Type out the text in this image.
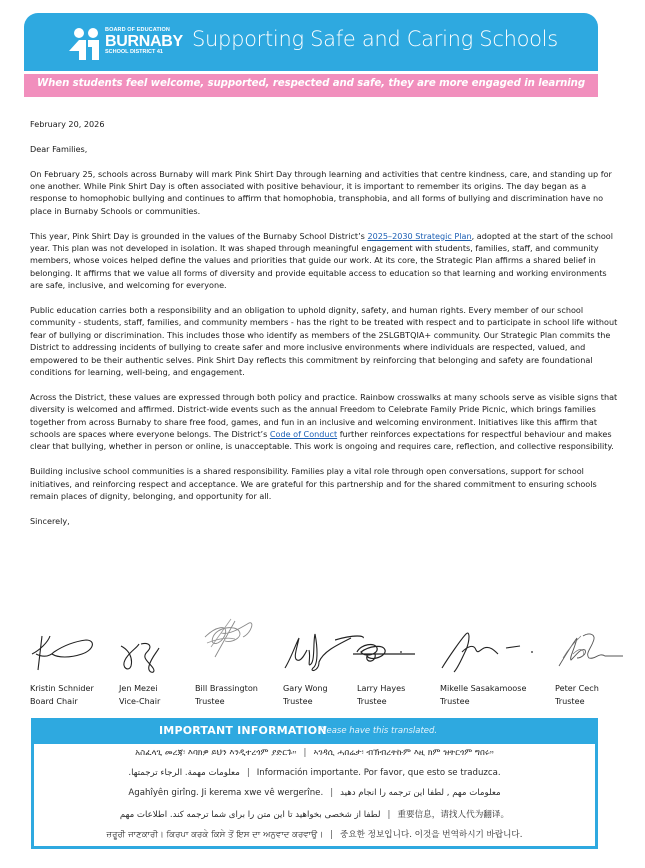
BOARD OF EDUCATION
BURNABY
SCHOOL DISTRICT 41
Supporting Safe and Caring Schools
When students feel welcome, supported, respected and safe, they are more engaged in learning

February 20, 2026

Dear Families,

On February 25, schools across Burnaby will mark Pink Shirt Day through learning and activities that centre kindness, care, and standing up for one another. While Pink Shirt Day is often associated with positive behaviour, it is important to remember its origins. The day began as a response to homophobic bullying and continues to affirm that homophobia, transphobia, and all forms of bullying and discrimination have no place in Burnaby Schools or communities.

This year, Pink Shirt Day is grounded in the values of the Burnaby School District’s 2025–2030 Strategic Plan, adopted at the start of the school year. This plan was not developed in isolation. It was shaped through meaningful engagement with students, families, staff, and community members, whose voices helped define the values and priorities that guide our work. At its core, the Strategic Plan affirms a shared belief in belonging. It affirms that we value all forms of diversity and provide equitable access to education so that learning and working environments are safe, inclusive, and welcoming for everyone.

Public education carries both a responsibility and an obligation to uphold dignity, safety, and human rights. Every member of our school community - students, staff, families, and community members - has the right to be treated with respect and to participate in school life without fear of bullying or discrimination. This includes those who identify as members of the 2SLGBTQIA+ community. Our Strategic Plan commits the District to addressing incidents of bullying to create safer and more inclusive environments where individuals are respected, valued, and empowered to be their authentic selves. Pink Shirt Day reflects this commitment by reinforcing that belonging and safety are foundational conditions for learning, well-being, and engagement.

Across the District, these values are expressed through both policy and practice. Rainbow crosswalks at many schools serve as visible signs that diversity is welcomed and affirmed. District-wide events such as the annual Freedom to Celebrate Family Pride Picnic, which brings families together from across Burnaby to share free food, games, and fun in an inclusive and welcoming environment. Initiatives like this affirm that schools are spaces where everyone belongs. The District’s Code of Conduct further reinforces expectations for respectful behaviour and makes clear that bullying, whether in person or online, is unacceptable. This work is ongoing and requires care, reflection, and collective responsibility.

Building inclusive school communities is a shared responsibility. Families play a vital role through open conversations, support for school initiatives, and reinforcing respect and acceptance. We are grateful for this partnership and for the shared commitment to ensuring schools remain places of dignity, belonging, and opportunity for all.

Sincerely,

Kristin Schnider
Board Chair
Jen Mezei
Vice-Chair
Bill Brassington
Trustee
Gary Wong
Trustee
Larry Hayes
Trustee
Mikelle Sasakamoose
Trustee
Peter Cech
Trustee
IMPORTANT INFORMATION
Please have this translated.
አስፈላጊ መረጃ፡ እባክዎ ይህን እንዲተረጎም ያድርጉ። | ኣገዳሲ ሓበሬታ፡ ብኽብረትኩም እዚ ክም ዝትርጎም ግበሩ።
معلومات مهمة. الرجاء ترجمتها. | Información importante. Por favor, que esto se traduzca.
Agahîyên girîng. Ji kerema xwe vê wergerîne. | معلومات مهم , لطفا این ترجمه را انجام دهید
لطفا از شخصی بخواهید تا این متن را برای شما ترجمه کند. اطلاعات مهم | 重要信息，请找人代为翻译。
ਜ਼ਰੂਰੀ ਜਾਣਕਾਰੀ। ਕਿਰਪਾ ਕਰਕੇ ਕਿਸੇ ਤੋਂ ਇਸ ਦਾ ਅਨੁਵਾਦ ਕਰਵਾਉ। | 중요한 정보입니다. 이것을 번역하시기 바랍니다.
